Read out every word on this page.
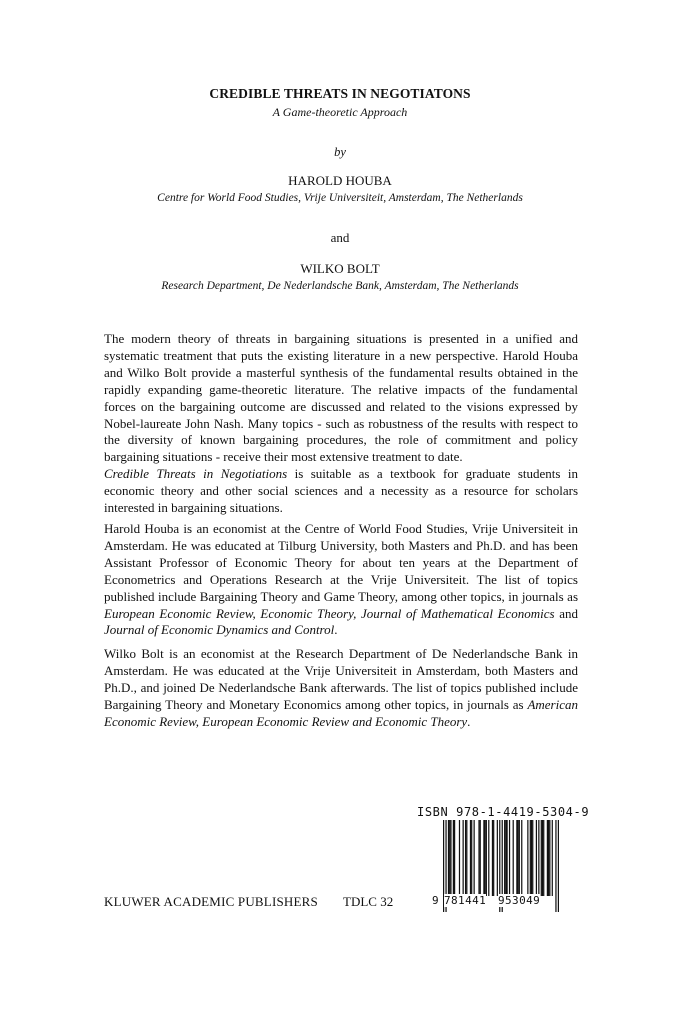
CREDIBLE THREATS IN NEGOTIATONS
A Game-theoretic Approach
by
HAROLD HOUBA
Centre for World Food Studies, Vrije Universiteit, Amsterdam, The Netherlands
and
WILKO BOLT
Research Department, De Nederlandsche Bank, Amsterdam, The Netherlands

The modern theory of threats in bargaining situations is presented in a unified and systematic treatment that puts the existing literature in a new perspective. Harold Houba and Wilko Bolt provide a masterful synthesis of the fundamental results obtained in the rapidly expanding game-theoretic literature. The relative impacts of the fundamental forces on the bargaining outcome are discussed and related to the visions expressed by Nobel-laureate John Nash. Many topics - such as robustness of the results with respect to the diversity of known bargaining procedures, the role of commitment and policy bargaining situations - receive their most extensive treatment to date.

Credible Threats in Negotiations is suitable as a textbook for graduate students in economic theory and other social sciences and a necessity as a resource for scholars interested in bargaining situations.

Harold Houba is an economist at the Centre of World Food Studies, Vrije Universiteit in Amsterdam. He was educated at Tilburg University, both Masters and Ph.D. and has been Assistant Professor of Economic Theory for about ten years at the Department of Econometrics and Operations Research at the Vrije Universiteit. The list of topics published include Bargaining Theory and Game Theory, among other topics, in journals as European Economic Review, Economic Theory, Journal of Mathematical Economics and Journal of Economic Dynamics and Control.

Wilko Bolt is an economist at the Research Department of De Nederlandsche Bank in Amsterdam. He was educated at the Vrije Universiteit in Amsterdam, both Masters and Ph.D., and joined De Nederlandsche Bank afterwards. The list of topics published include Bargaining Theory and Monetary Economics among other topics, in journals as American Economic Review, European Economic Review and Economic Theory.

ISBN 978-1-4419-5304-9
9 781441 953049
KLUWER ACADEMIC PUBLISHERS TDLC 32
